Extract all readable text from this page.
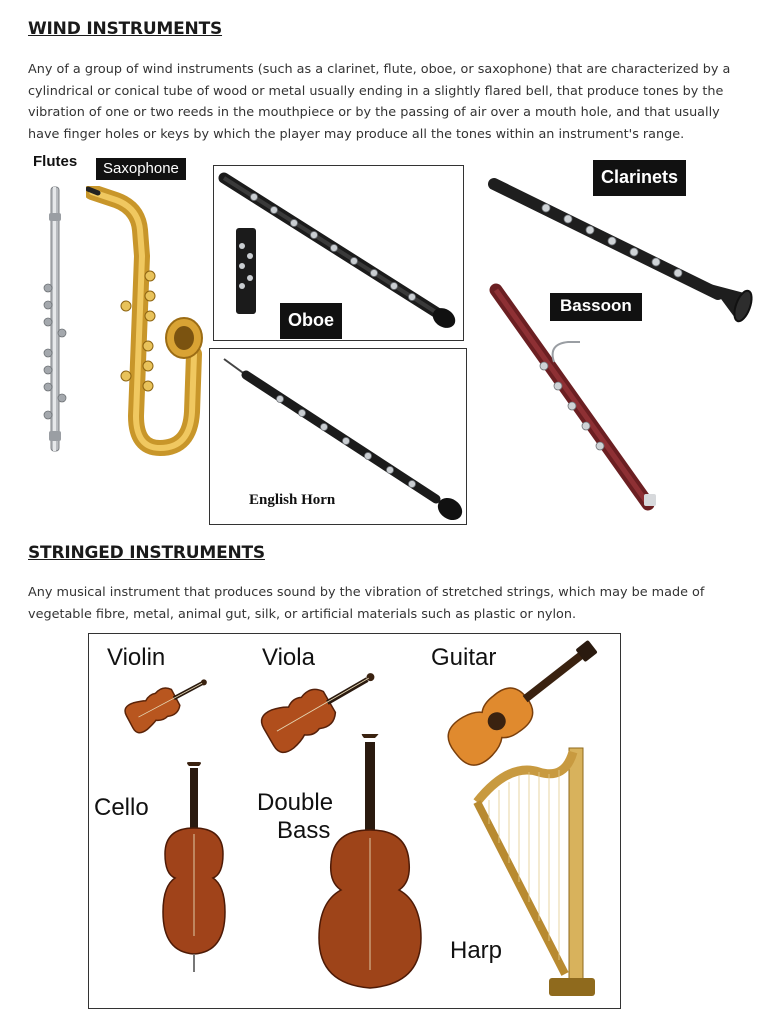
WIND INSTRUMENTS

Any of a group of wind instruments (such as a clarinet, flute, oboe, or saxophone) that are characterized by a cylindrical or conical tube of wood or metal usually ending in a slightly flared bell, that produce tones by the vibration of one or two reeds in the mouthpiece or by the passing of air over a mouth hole, and that usually have finger holes or keys by which the player may produce all the tones within an instrument's range.

Flutes	Saxophone
Oboe
English Horn
Clarinets
Bassoon
STRINGED INSTRUMENTS

Any musical instrument that produces sound by the vibration of stretched strings, which may be made of vegetable fibre, metal, animal gut, silk, or artificial materials such as plastic or nylon.

Violin	Viola	Guitar
Cello	Double
Bass
Harp
